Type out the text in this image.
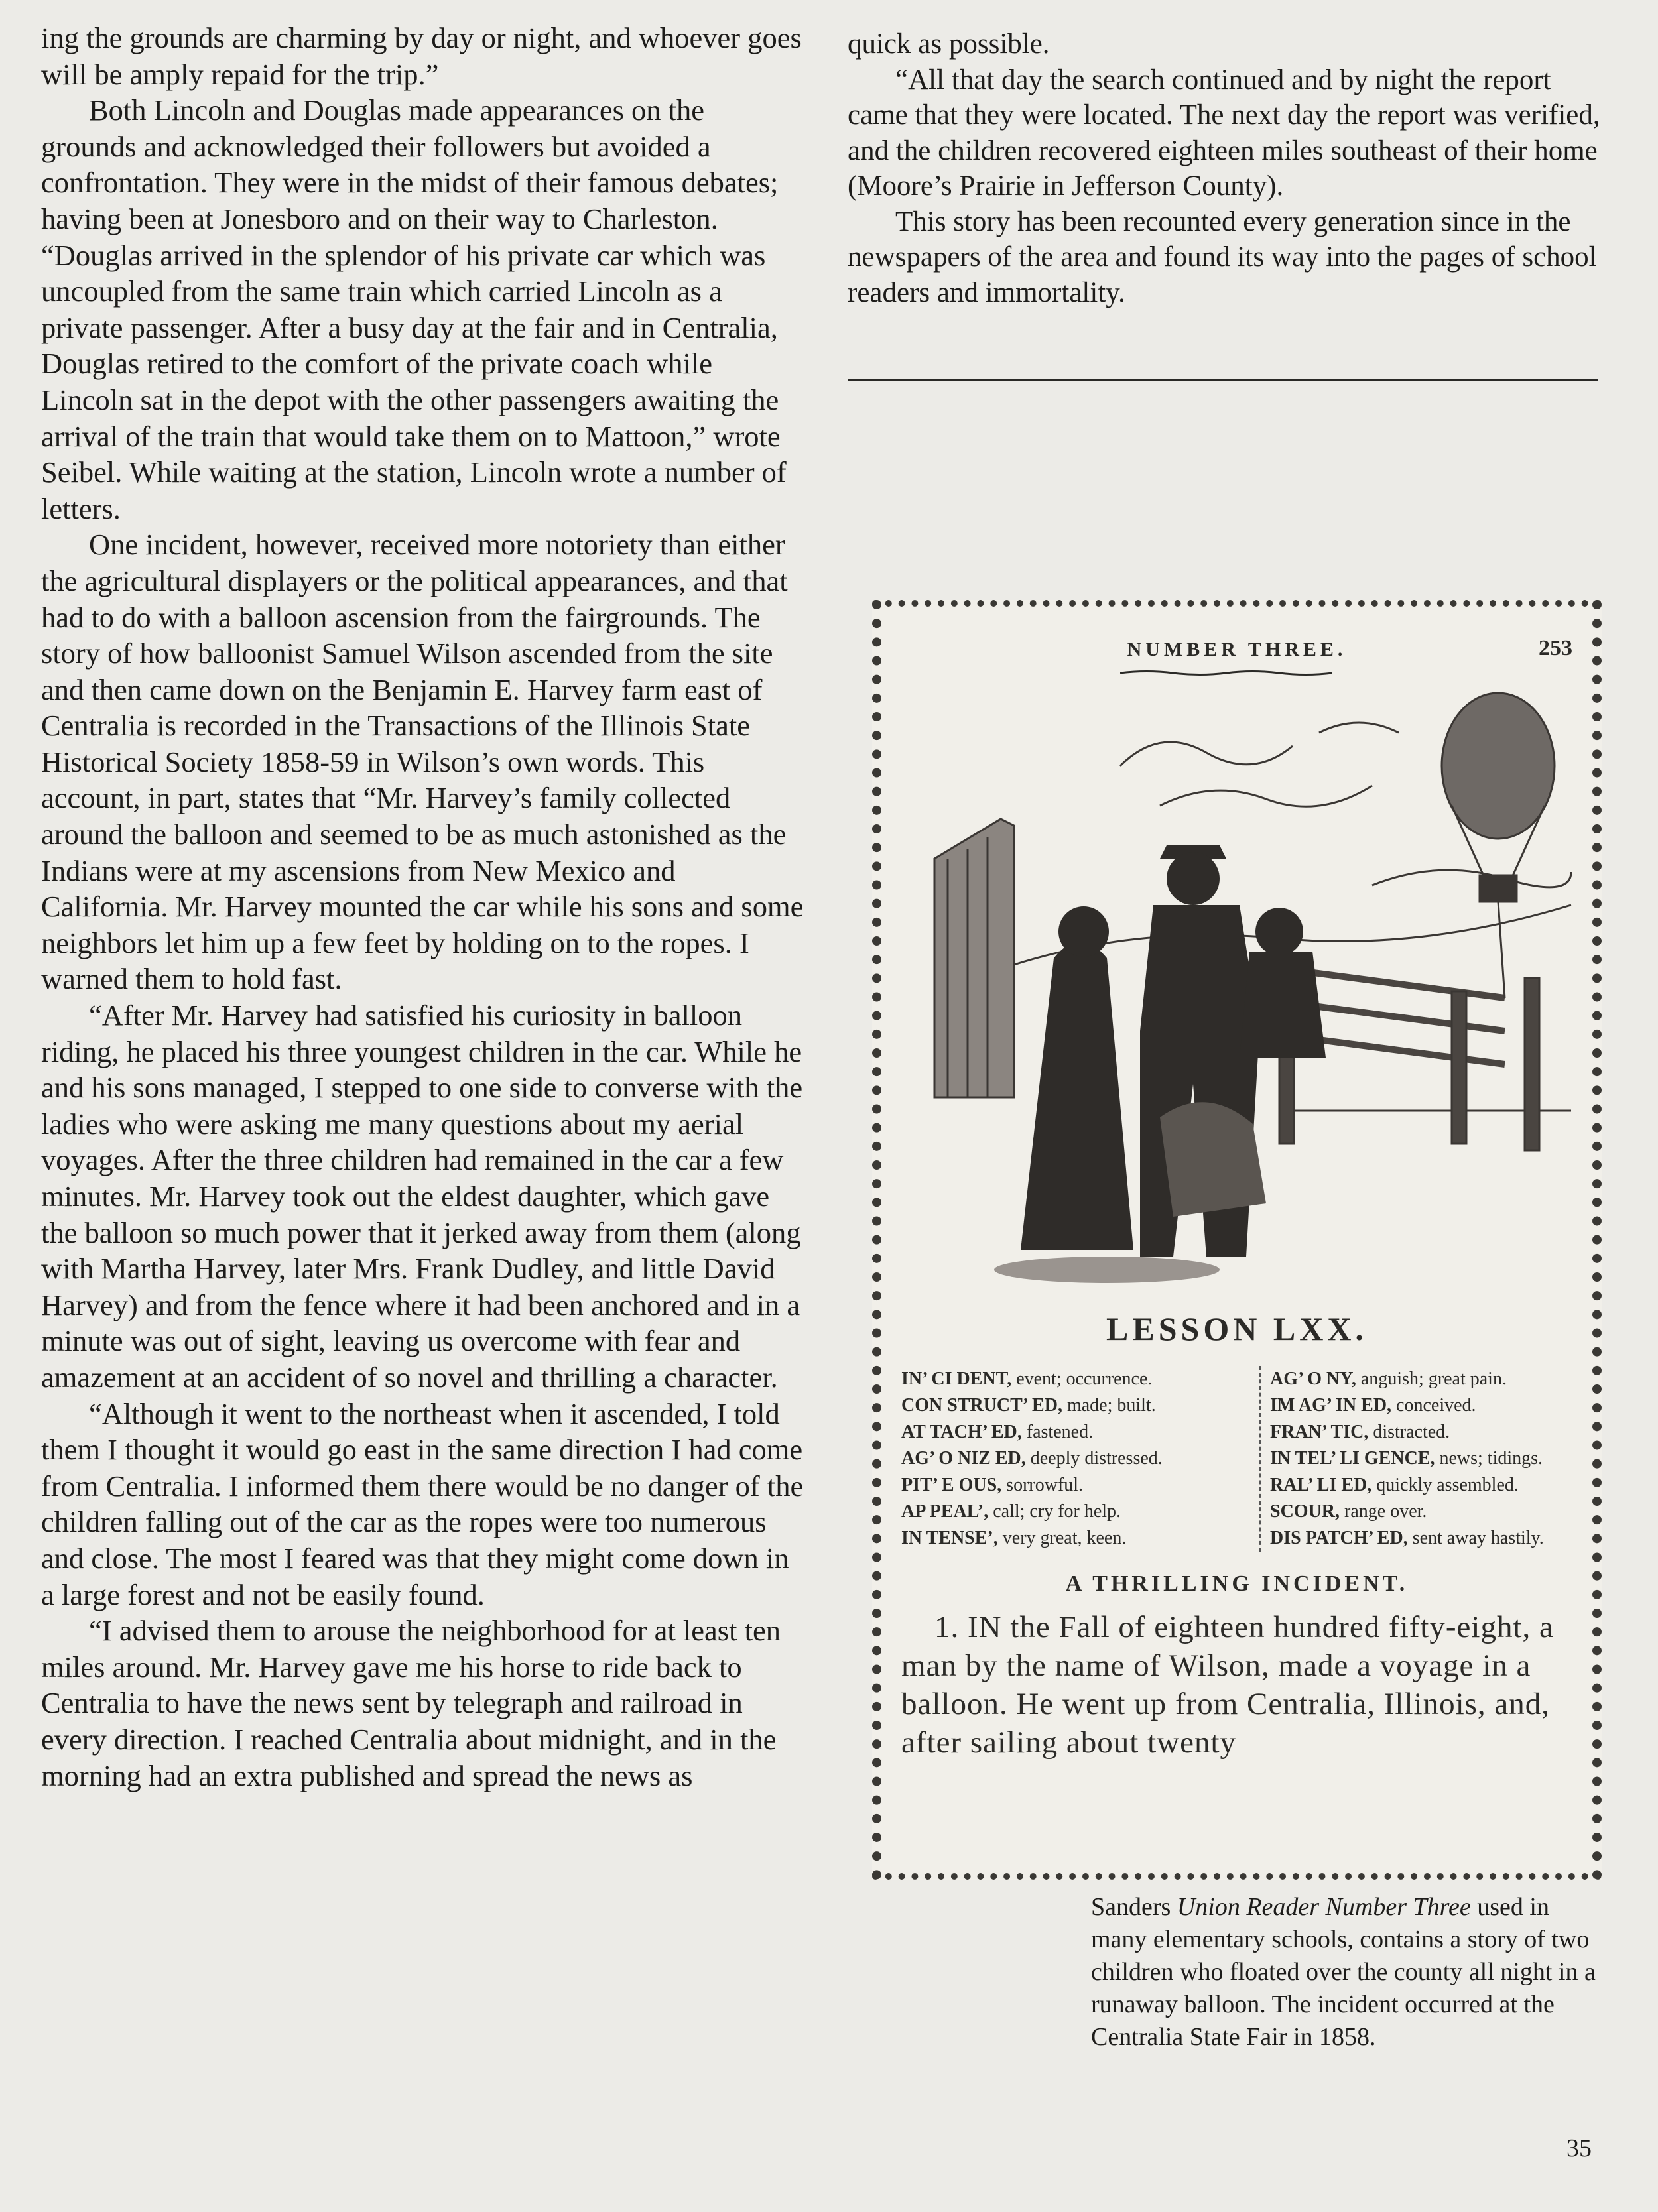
ing the grounds are charming by day or night, and whoever goes will be amply repaid for the trip.”

Both Lincoln and Douglas made appearances on the grounds and acknowledged their followers but avoided a confrontation. They were in the midst of their famous debates; having been at Jonesboro and on their way to Charleston. “Douglas arrived in the splendor of his private car which was uncoupled from the same train which carried Lincoln as a private passenger. After a busy day at the fair and in Centralia, Douglas retired to the comfort of the private coach while Lincoln sat in the depot with the other passengers awaiting the arrival of the train that would take them on to Mattoon,” wrote Seibel. While waiting at the station, Lincoln wrote a number of letters.

One incident, however, received more notoriety than either the agricultural displayers or the political appearances, and that had to do with a balloon ascension from the fairgrounds. The story of how balloonist Samuel Wilson ascended from the site and then came down on the Benjamin E. Harvey farm east of Centralia is recorded in the Transactions of the Illinois State Historical Society 1858-59 in Wilson’s own words. This account, in part, states that “Mr. Harvey’s family collected around the balloon and seemed to be as much astonished as the Indians were at my ascensions from New Mexico and California. Mr. Harvey mounted the car while his sons and some neighbors let him up a few feet by holding on to the ropes. I warned them to hold fast.

“After Mr. Harvey had satisfied his curiosity in balloon riding, he placed his three youngest children in the car. While he and his sons managed, I stepped to one side to converse with the ladies who were asking me many questions about my aerial voyages. After the three children had remained in the car a few minutes. Mr. Harvey took out the eldest daughter, which gave the balloon so much power that it jerked away from them (along with Martha Harvey, later Mrs. Frank Dudley, and little David Harvey) and from the fence where it had been anchored and in a minute was out of sight, leaving us overcome with fear and amazement at an accident of so novel and thrilling a character.

“Although it went to the northeast when it ascended, I told them I thought it would go east in the same direction I had come from Centralia. I informed them there would be no danger of the children falling out of the car as the ropes were too numerous and close. The most I feared was that they might come down in a large forest and not be easily found.

“I advised them to arouse the neighborhood for at least ten miles around. Mr. Harvey gave me his horse to ride back to Centralia to have the news sent by telegraph and railroad in every direction. I reached Centralia about midnight, and in the morning had an extra published and spread the news as

quick as possible.

“All that day the search continued and by night the report came that they were located. The next day the report was verified, and the children recovered eighteen miles southeast of their home (Moore’s Prairie in Jefferson County).

This story has been recounted every generation since in the newspapers of the area and found its way into the pages of school readers and immortality.

NUMBER THREE.	253
LESSON LXX.
IN’ CI DENT, event; occurrence.
CON STRUCT’ ED, made; built.
AT TACH’ ED, fastened.
AG’ O NIZ ED, deeply distressed.
PIT’ E OUS, sorrowful.
AP PEAL’, call; cry for help.
IN TENSE’, very great, keen.
AG’ O NY, anguish; great pain.
IM AG’ IN ED, conceived.
FRAN’ TIC, distracted.
IN TEL’ LI GENCE, news; tidings.
RAL’ LI ED, quickly assembled.
SCOUR, range over.
DIS PATCH’ ED, sent away hastily.
A THRILLING INCIDENT.

1. IN the Fall of eighteen hundred fifty-eight, a man by the name of Wilson, made a voyage in a balloon. He went up from Centralia, Illinois, and, after sailing about twenty

Sanders Union Reader Number Three used in many elementary schools, contains a story of two children who floated over the county all night in a runaway balloon. The incident occurred at the Centralia State Fair in 1858.
35
